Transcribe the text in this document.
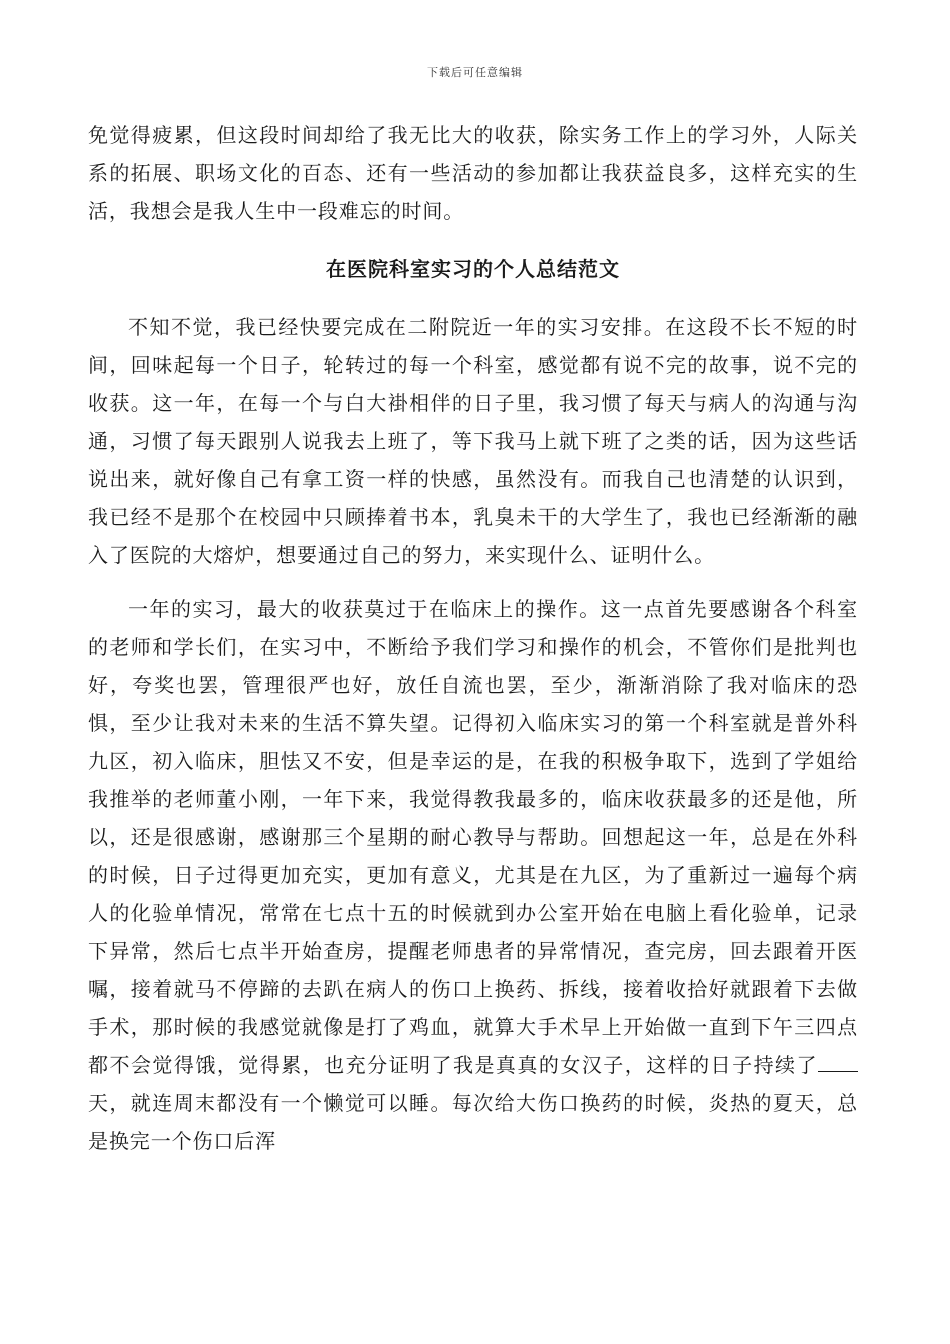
下载后可任意编辑

免觉得疲累，但这段时间却给了我无比大的收获，除实务工作上的学习外，人际关系的拓展、职场文化的百态、还有一些活动的参加都让我获益良多，这样充实的生活，我想会是我人生中一段难忘的时间。

在医院科室实习的个人总结范文

不知不觉，我已经快要完成在二附院近一年的实习安排。在这段不长不短的时间，回味起每一个日子，轮转过的每一个科室，感觉都有说不完的故事，说不完的收获。这一年，在每一个与白大褂相伴的日子里，我习惯了每天与病人的沟通与沟通，习惯了每天跟别人说我去上班了，等下我马上就下班了之类的话，因为这些话说出来，就好像自己有拿工资一样的快感，虽然没有。而我自己也清楚的认识到，我已经不是那个在校园中只顾捧着书本，乳臭未干的大学生了，我也已经渐渐的融入了医院的大熔炉，想要通过自己的努力，来实现什么、证明什么。

一年的实习，最大的收获莫过于在临床上的操作。这一点首先要感谢各个科室的老师和学长们，在实习中，不断给予我们学习和操作的机会，不管你们是批判也好，夸奖也罢，管理很严也好，放任自流也罢，至少，渐渐消除了我对临床的恐惧，至少让我对未来的生活不算失望。记得初入临床实习的第一个科室就是普外科九区，初入临床，胆怯又不安，但是幸运的是，在我的积极争取下，选到了学姐给我推举的老师董小刚，一年下来，我觉得教我最多的，临床收获最多的还是他，所以，还是很感谢，感谢那三个星期的耐心教导与帮助。回想起这一年，总是在外科的时候，日子过得更加充实，更加有意义，尤其是在九区，为了重新过一遍每个病人的化验单情况，常常在七点十五的时候就到办公室开始在电脑上看化验单，记录下异常，然后七点半开始查房，提醒老师患者的异常情况，查完房，回去跟着开医嘱，接着就马不停蹄的去趴在病人的伤口上换药、拆线，接着收拾好就跟着下去做手术，那时候的我感觉就像是打了鸡血，就算大手术早上开始做一直到下午三四点都不会觉得饿，觉得累，也充分证明了我是真真的女汉子，这样的日子持续了天，就连周末都没有一个懒觉可以睡。每次给大伤口换药的时候，炎热的夏天，总是换完一个伤口后浑
